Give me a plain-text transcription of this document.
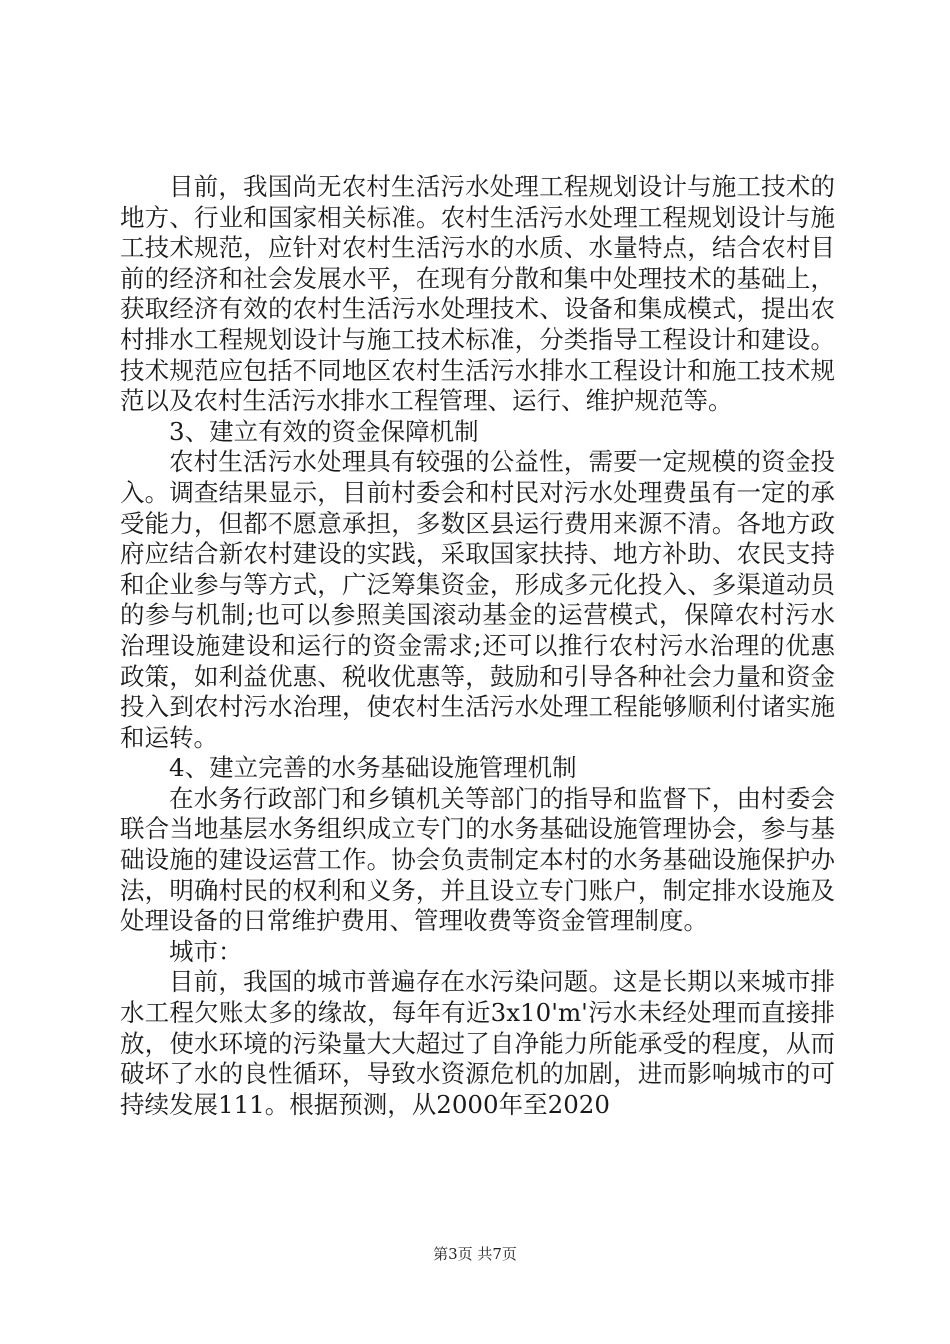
目前，我国尚无农村生活污水处理工程规划设计与施工技术的地方、行业和国家相关标准。农村生活污水处理工程规划设计与施工技术规范，应针对农村生活污水的水质、水量特点，结合农村目前的经济和社会发展水平，在现有分散和集中处理技术的基础上，获取经济有效的农村生活污水处理技术、设备和集成模式，提出农村排水工程规划设计与施工技术标准，分类指导工程设计和建设。技术规范应包括不同地区农村生活污水排水工程设计和施工技术规范以及农村生活污水排水工程管理、运行、维护规范等。

3、建立有效的资金保障机制

农村生活污水处理具有较强的公益性，需要一定规模的资金投入。调查结果显示，目前村委会和村民对污水处理费虽有一定的承受能力，但都不愿意承担，多数区县运行费用来源不清。各地方政府应结合新农村建设的实践，采取国家扶持、地方补助、农民支持和企业参与等方式，广泛筹集资金，形成多元化投入、多渠道动员的参与机制;也可以参照美国滚动基金的运营模式，保障农村污水治理设施建设和运行的资金需求;还可以推行农村污水治理的优惠政策，如利益优惠、税收优惠等，鼓励和引导各种社会力量和资金投入到农村污水治理，使农村生活污水处理工程能够顺利付诸实施和运转。

4、建立完善的水务基础设施管理机制

在水务行政部门和乡镇机关等部门的指导和监督下，由村委会联合当地基层水务组织成立专门的水务基础设施管理协会，参与基础设施的建设运营工作。协会负责制定本村的水务基础设施保护办法，明确村民的权利和义务，并且设立专门账户，制定排水设施及处理设备的日常维护费用、管理收费等资金管理制度。

城市：

目前，我国的城市普遍存在水污染问题。这是长期以来城市排水工程欠账太多的缘故，每年有近3x10'm'污水未经处理而直接排放，使水环境的污染量大大超过了自净能力所能承受的程度，从而破坏了水的良性循环，导致水资源危机的加剧，进而影响城市的可持续发展111。根据预测，从2000年至2020

第3页 共7页
